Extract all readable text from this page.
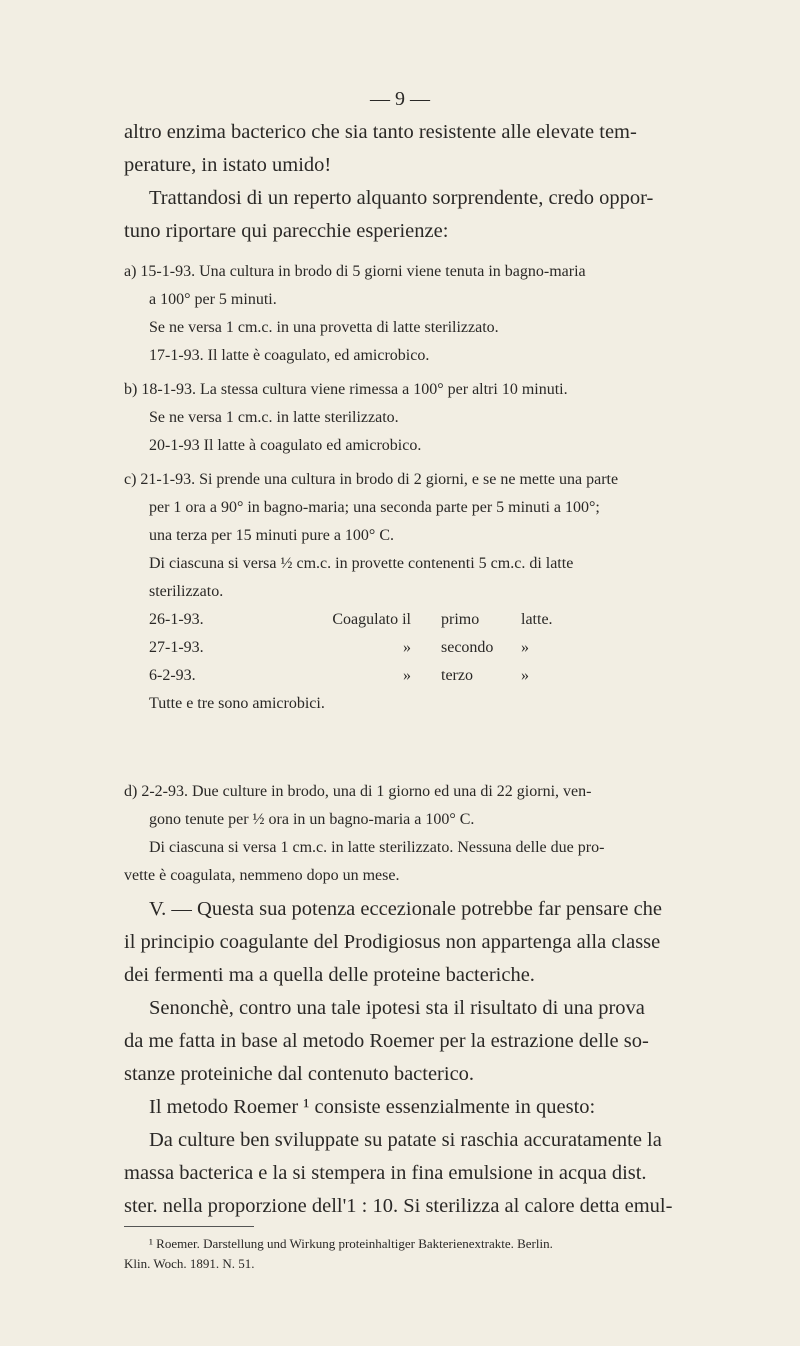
— 9 —

altro enzima bacterico che sia tanto resistente alle elevate tem-

perature, in istato umido!

Trattandosi di un reperto alquanto sorprendente, credo oppor-

tuno riportare qui parecchie esperienze:

a) 15-1-93. Una cultura in brodo di 5 giorni viene tenuta in bagno-maria

a 100° per 5 minuti.

Se ne versa 1 cm.c. in una provetta di latte sterilizzato.

17-1-93. Il latte è coagulato, ed amicrobico.

b) 18-1-93. La stessa cultura viene rimessa a 100° per altri 10 minuti.

Se ne versa 1 cm.c. in latte sterilizzato.

20-1-93 Il latte à coagulato ed amicrobico.

c) 21-1-93. Si prende una cultura in brodo di 2 giorni, e se ne mette una parte

per 1 ora a 90° in bagno-maria; una seconda parte per 5 minuti a 100°;

una terza per 15 minuti pure a 100° C.

Di ciascuna si versa ½ cm.c. in provette contenenti 5 cm.c. di latte

sterilizzato.

26-1-93.	Coagulato il	primo	latte.
27-1-93.	»	secondo	»
6-2-93.	»	terzo	»

Tutte e tre sono amicrobici.

d) 2-2-93. Due culture in brodo, una di 1 giorno ed una di 22 giorni, ven-

gono tenute per ½ ora in un bagno-maria a 100° C.

Di ciascuna si versa 1 cm.c. in latte sterilizzato. Nessuna delle due pro-

vette è coagulata, nemmeno dopo un mese.

V. — Questa sua potenza eccezionale potrebbe far pensare che

il principio coagulante del Prodigiosus non appartenga alla classe

dei fermenti ma a quella delle proteine bacteriche.

Senonchè, contro una tale ipotesi sta il risultato di una prova

da me fatta in base al metodo Roemer per la estrazione delle so-

stanze proteiniche dal contenuto bacterico.

Il metodo Roemer ¹ consiste essenzialmente in questo:

Da culture ben sviluppate su patate si raschia accuratamente la

massa bacterica e la si stempera in fina emulsione in acqua dist.

ster. nella proporzione dell'1 : 10. Si sterilizza al calore detta emul-

¹ Roemer. Darstellung und Wirkung proteinhaltiger Bakterienextrakte. Berlin.

Klin. Woch. 1891. N. 51.
